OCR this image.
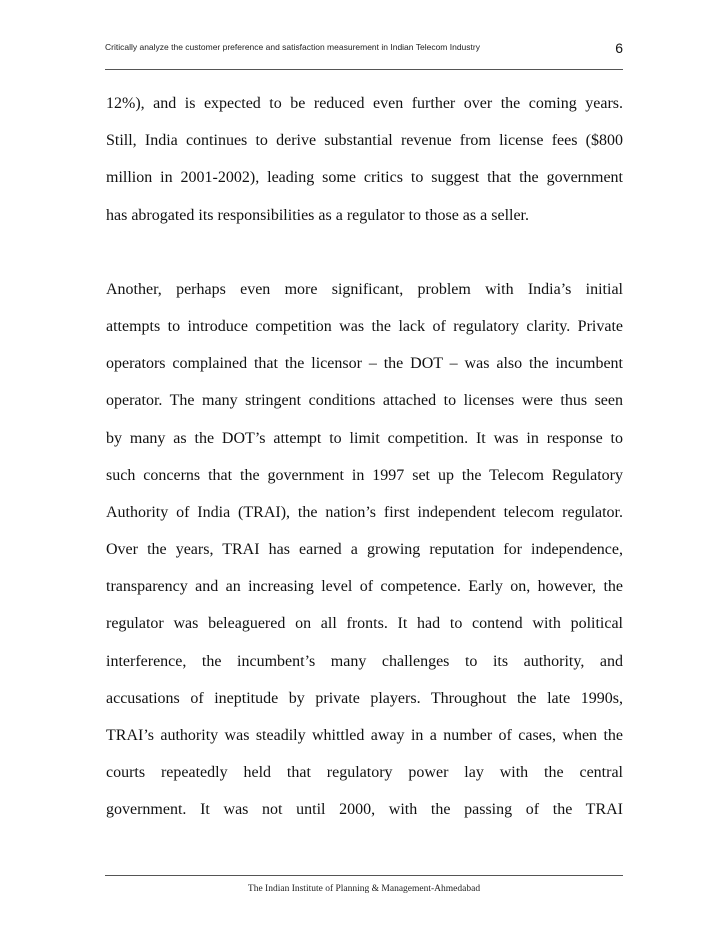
Critically analyze the customer preference and satisfaction measurement in Indian Telecom Industry	6
12%), and is expected to be reduced even further over the coming years.
Still, India continues to derive substantial revenue from license fees ($800
million in 2001-2002), leading some critics to suggest that the government
has abrogated its responsibilities as a regulator to those as a seller.
Another, perhaps even more significant, problem with India’s initial
attempts to introduce competition was the lack of regulatory clarity. Private
operators complained that the licensor – the DOT – was also the incumbent
operator. The many stringent conditions attached to licenses were thus seen
by many as the DOT’s attempt to limit competition. It was in response to
such concerns that the government in 1997 set up the Telecom Regulatory
Authority of India (TRAI), the nation’s first independent telecom regulator.
Over the years, TRAI has earned a growing reputation for independence,
transparency and an increasing level of competence. Early on, however, the
regulator was beleaguered on all fronts. It had to contend with political
interference, the incumbent’s many challenges to its authority, and
accusations of ineptitude by private players. Throughout the late 1990s,
TRAI’s authority was steadily whittled away in a number of cases, when the
courts repeatedly held that regulatory power lay with the central
government. It was not until 2000, with the passing of the TRAI
The Indian Institute of Planning & Management-Ahmedabad
